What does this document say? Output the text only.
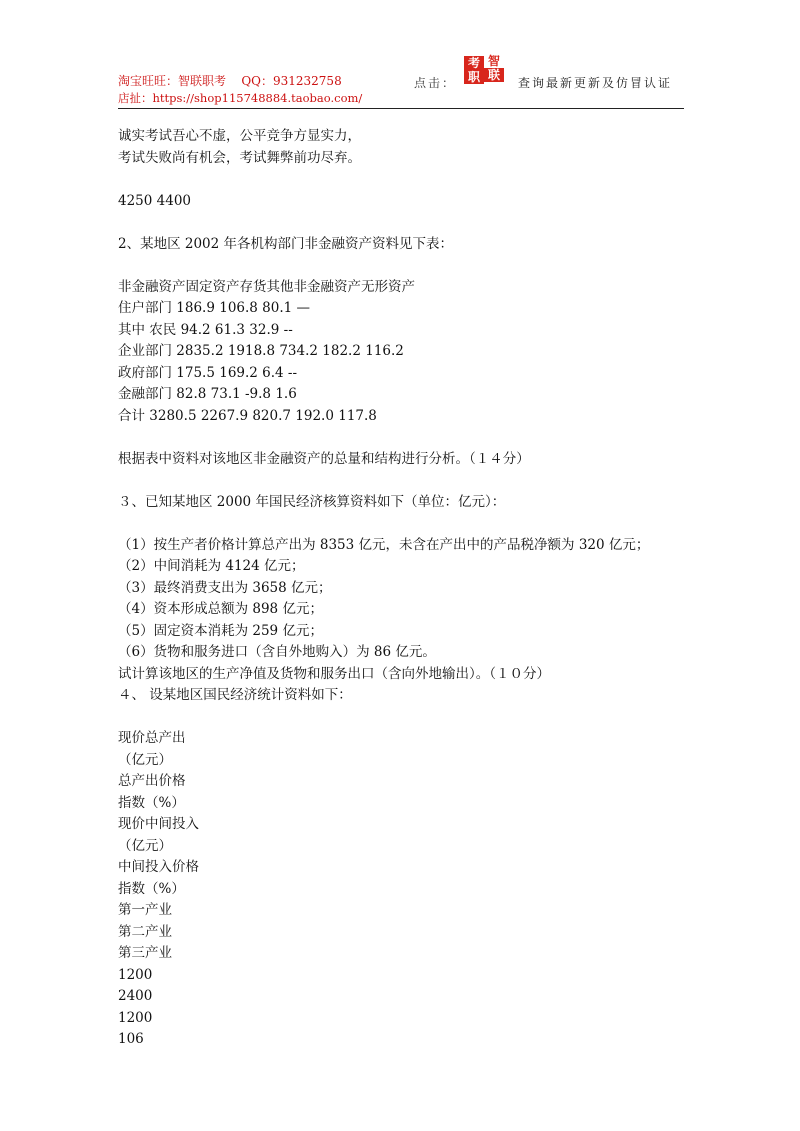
淘宝旺旺：智联职考 QQ：931232758
店扯：https://shop115748884.taobao.com/
点击：
考 智
职 联
查询最新更新及仿冒认证
诚实考试吾心不虚，公平竞争方显实力，
考试失败尚有机会，考试舞弊前功尽弃。
4250 4400
2、某地区 2002 年各机构部门非金融资产资料见下表：
非金融资产固定资产存货其他非金融资产无形资产
住户部门 186.9 106.8 80.1 —
其中 农民 94.2 61.3 32.9 --
企业部门 2835.2 1918.8 734.2 182.2 116.2
政府部门 175.5 169.2 6.4 --
金融部门 82.8 73.1 -9.8 1.6
合计 3280.5 2267.9 820.7 192.0 117.8
根据表中资料对该地区非金融资产的总量和结构进行分析。（１４分）
３、已知某地区 2000 年国民经济核算资料如下（单位：亿元）：
（1）按生产者价格计算总产出为 8353 亿元，未含在产出中的产品税净额为 320 亿元；
（2）中间消耗为 4124 亿元；
（3）最终消费支出为 3658 亿元；
（4）资本形成总额为 898 亿元；
（5）固定资本消耗为 259 亿元；
（6）货物和服务进口（含自外地购入）为 86 亿元。
试计算该地区的生产净值及货物和服务出口（含向外地输出）。（１０分）
４、 设某地区国民经济统计资料如下：
现价总产出
（亿元）
总产出价格
指数（%）
现价中间投入
（亿元）
中间投入价格
指数（%）
第一产业
第二产业
第三产业
1200
2400
1200
106
